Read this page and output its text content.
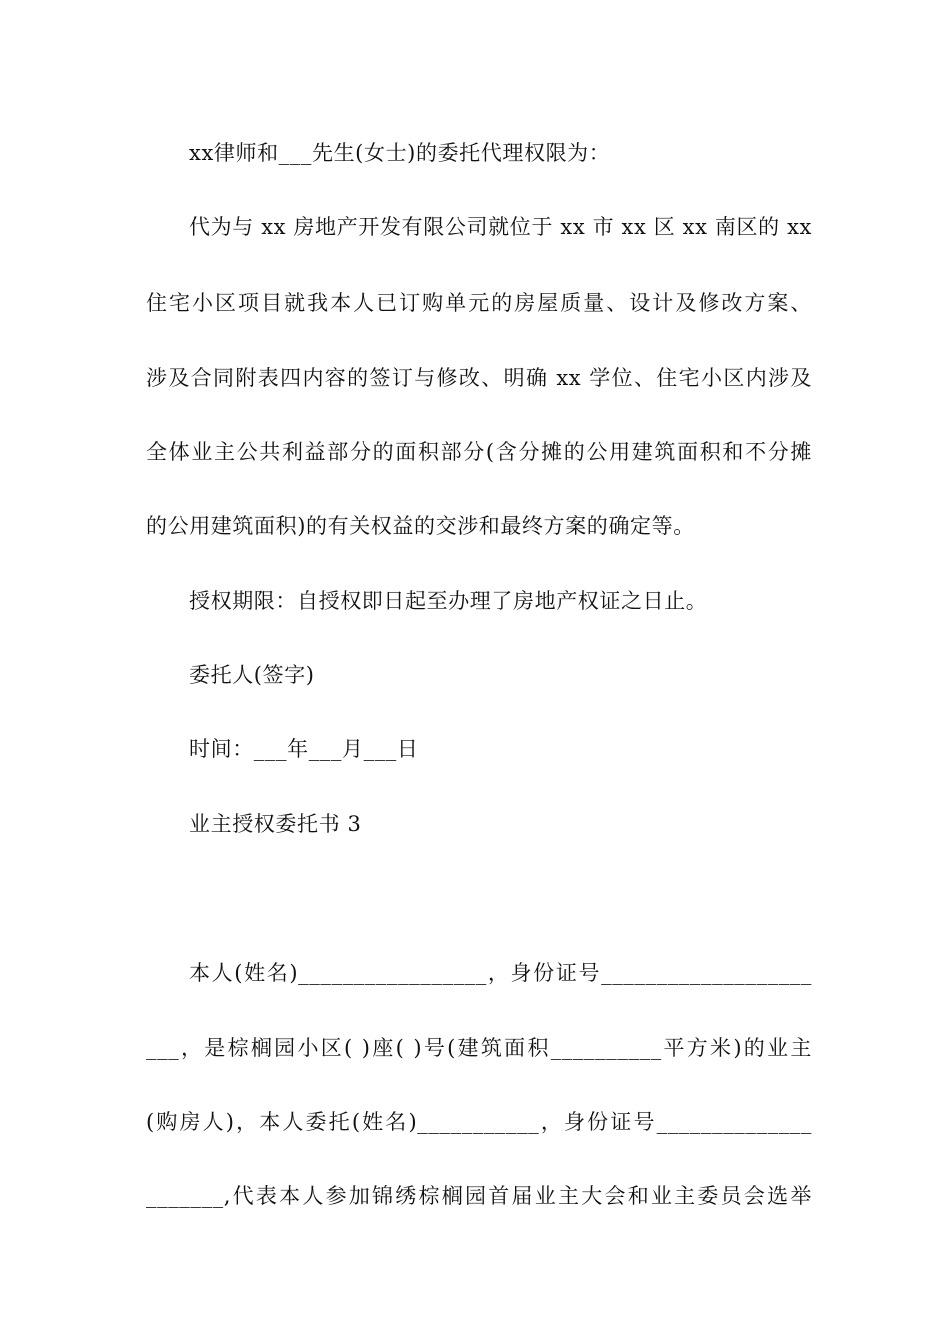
xx律师和___先生(女士)的委托代理权限为：
代为与 xx 房地产开发有限公司就位于 xx 市 xx 区 xx 南区的 xx
住宅小区项目就我本人已订购单元的房屋质量、设计及修改方案、
涉及合同附表四内容的签订与修改、明确 xx 学位、住宅小区内涉及
全体业主公共利益部分的面积部分(含分摊的公用建筑面积和不分摊
的公用建筑面积)的有关权益的交涉和最终方案的确定等。
授权期限：自授权即日起至办理了房地产权证之日止。
委托人(签字)
时间：___年___月___日
业主授权委托书 3
本人(姓名)_________________，身份证号___________________
___，是棕榈园小区( )座( )号(建筑面积__________平方米)的业主
(购房人)，本人委托(姓名)___________，身份证号______________
_______,代表本人参加锦绣棕榈园首届业主大会和业主委员会选举
